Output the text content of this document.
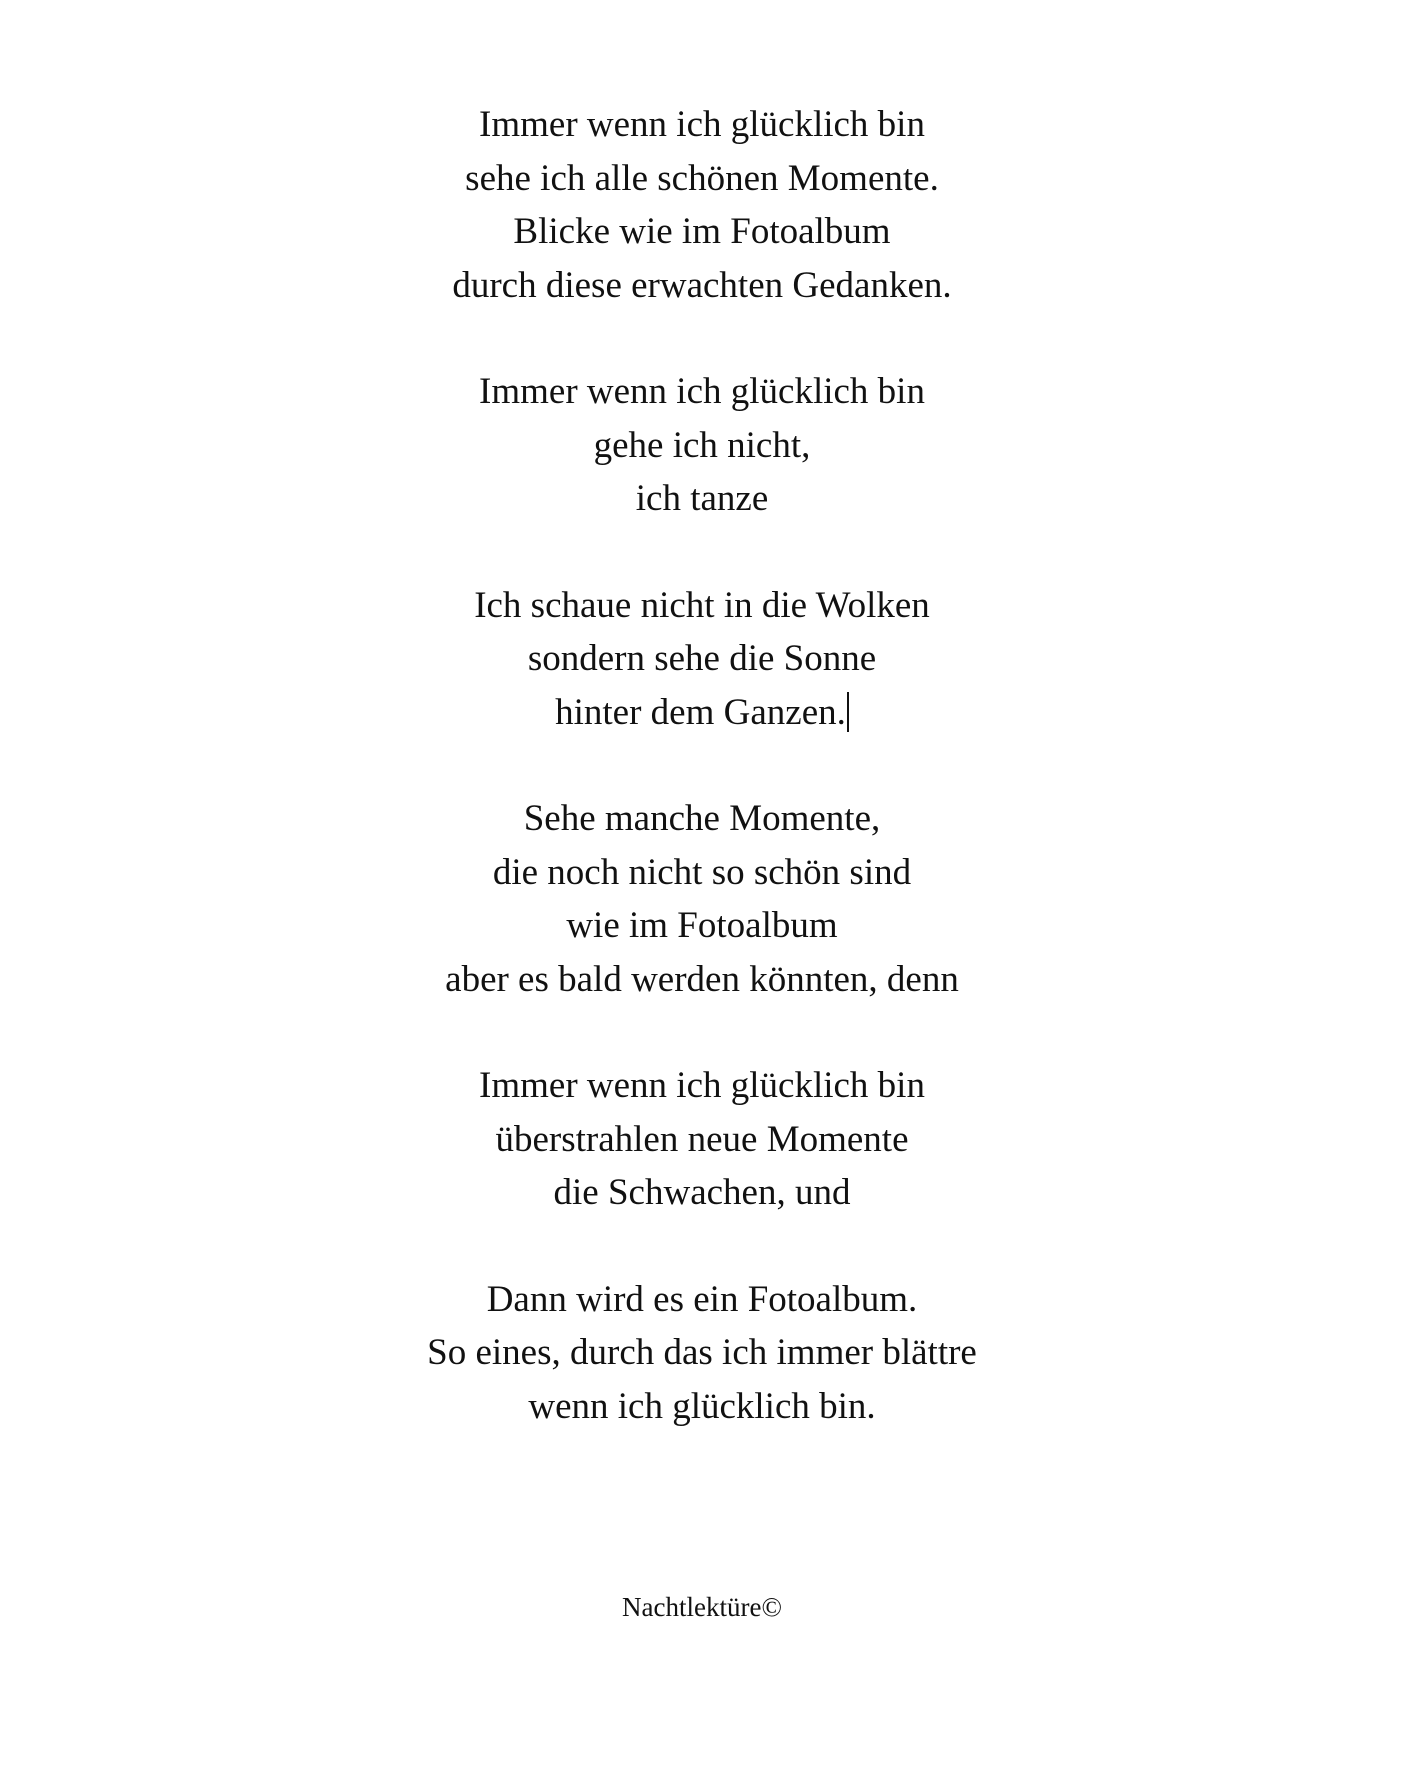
Immer wenn ich glücklich bin
sehe ich alle schönen Momente.
Blicke wie im Fotoalbum
durch diese erwachten Gedanken.
Immer wenn ich glücklich bin
gehe ich nicht,
ich tanze
Ich schaue nicht in die Wolken
sondern sehe die Sonne
hinter dem Ganzen.
Sehe manche Momente,
die noch nicht so schön sind
wie im Fotoalbum
aber es bald werden könnten, denn
Immer wenn ich glücklich bin
überstrahlen neue Momente
die Schwachen, und
Dann wird es ein Fotoalbum.
So eines, durch das ich immer blättre
wenn ich glücklich bin.
Nachtlektüre©
